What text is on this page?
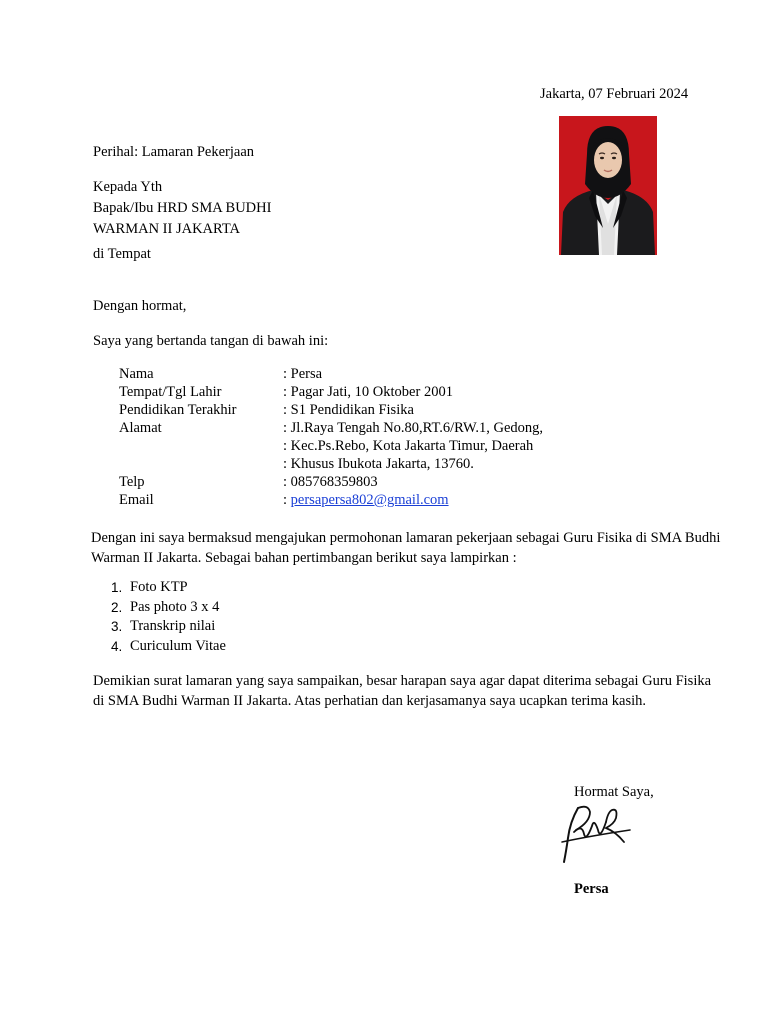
Jakarta, 07 Februari 2024
Perihal: Lamaran Pekerjaan
Kepada Yth
Bapak/Ibu HRD SMA BUDHI
WARMAN II JAKARTA
di Tempat
Dengan hormat,
Saya yang bertanda tangan di bawah ini:
Nama	: Persa
Tempat/Tgl Lahir	: Pagar Jati, 10 Oktober 2001
Pendidikan Terakhir	: S1 Pendidikan Fisika
Alamat	: Jl.Raya Tengah No.80,RT.6/RW.1, Gedong,
: Kec.Ps.Rebo, Kota Jakarta Timur, Daerah
: Khusus Ibukota Jakarta, 13760.
Telp	: 085768359803
Email	: persapersa802@gmail.com
Dengan ini saya bermaksud mengajukan permohonan lamaran pekerjaan sebagai Guru Fisika di SMA Budhi Warman II Jakarta. Sebagai bahan pertimbangan berikut saya lampirkan :
1. Foto KTP
2. Pas photo 3 x 4
3. Transkrip nilai
4. Curiculum Vitae
Demikian surat lamaran yang saya sampaikan, besar harapan saya agar dapat diterima sebagai Guru Fisika di SMA Budhi Warman II Jakarta. Atas perhatian dan kerjasamanya saya ucapkan terima kasih.
Hormat Saya,
Persa
